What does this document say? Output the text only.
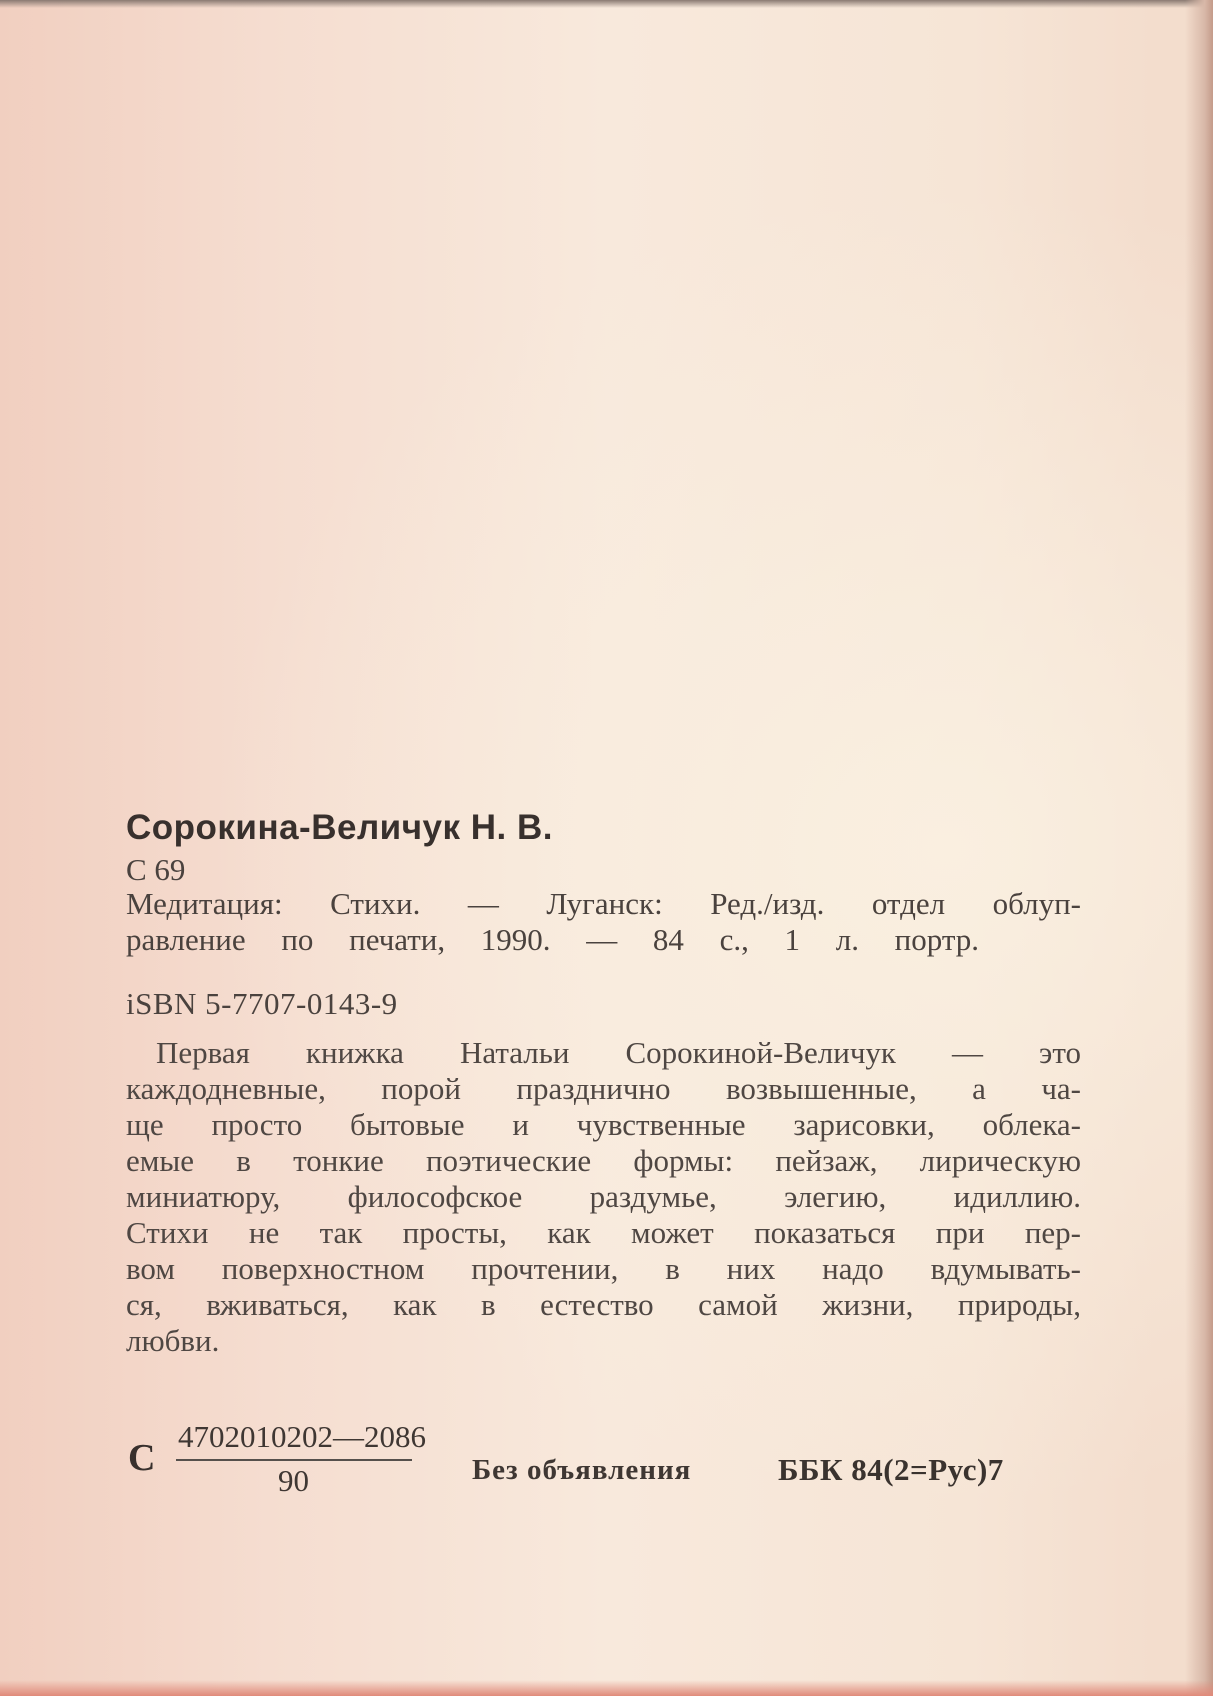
Сорокина-Величук Н. В.
С 69
Медитация: Стихи. — Луганск: Ред./изд. отдел облуп-
равление по печати, 1990. — 84 с., 1 л. портр.
iSBN 5-7707-0143-9
Первая книжка Натальи Сорокиной-Величук — это
каждодневные, порой празднично возвышенные, а ча-
ще просто бытовые и чувственные зарисовки, облека-
емые в тонкие поэтические формы: пейзаж, лирическую
миниатюру, философское раздумье, элегию, идиллию.
Стихи не так просты, как может показаться при пер-
вом поверхностном прочтении, в них надо вдумывать-
ся, вживаться, как в естество самой жизни, природы,
любви.
С
4702010202—2086
90	Без объявления	ББК 84(2=Рус)7
